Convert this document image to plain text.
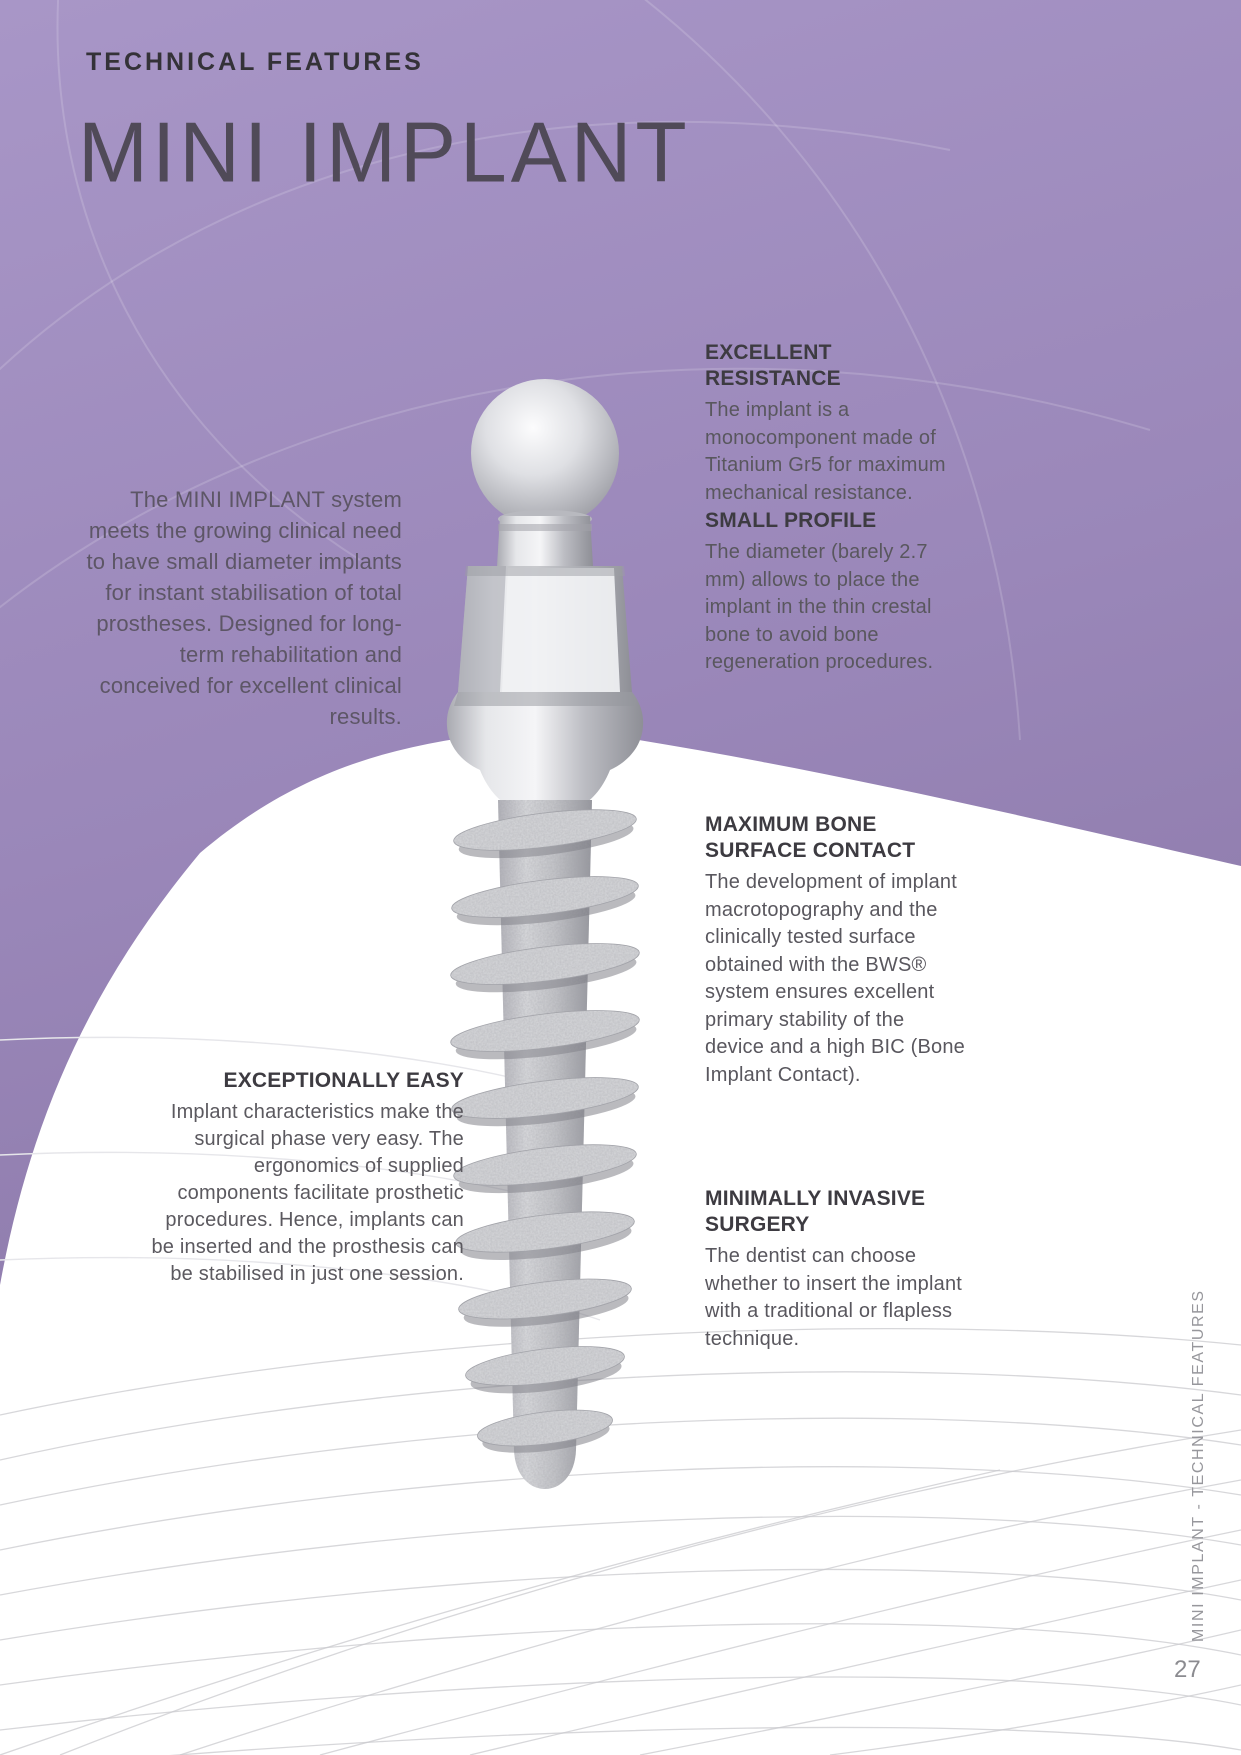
TECHNICAL FEATURES
MINI IMPLANT
The MINI IMPLANT system meets the growing clinical need to have small diameter implants for instant stabilisation of total prostheses. Designed for long-term rehabilitation and conceived for excellent clinical results.

EXCELLENT RESISTANCE

The implant is a monocomponent made of Titanium Gr5 for maximum mechanical resistance.

SMALL PROFILE

The diameter (barely 2.7 mm) allows to place the implant in the thin crestal bone to avoid bone regeneration procedures.

MAXIMUM BONE SURFACE CONTACT

The development of implant macrotopography and the clinically tested surface obtained with the BWS® system ensures excellent primary stability of the device and a high BIC (Bone Implant Contact).

MINIMALLY INVASIVE SURGERY

The dentist can choose whether to insert the implant with a traditional or flapless technique.

EXCEPTIONALLY EASY

Implant characteristics make the surgical phase very easy. The ergonomics of supplied components facilitate prosthetic procedures. Hence, implants can be inserted and the prosthesis can be stabilised in just one session.

MINI IMPLANT - TECHNICAL FEATURES
27
